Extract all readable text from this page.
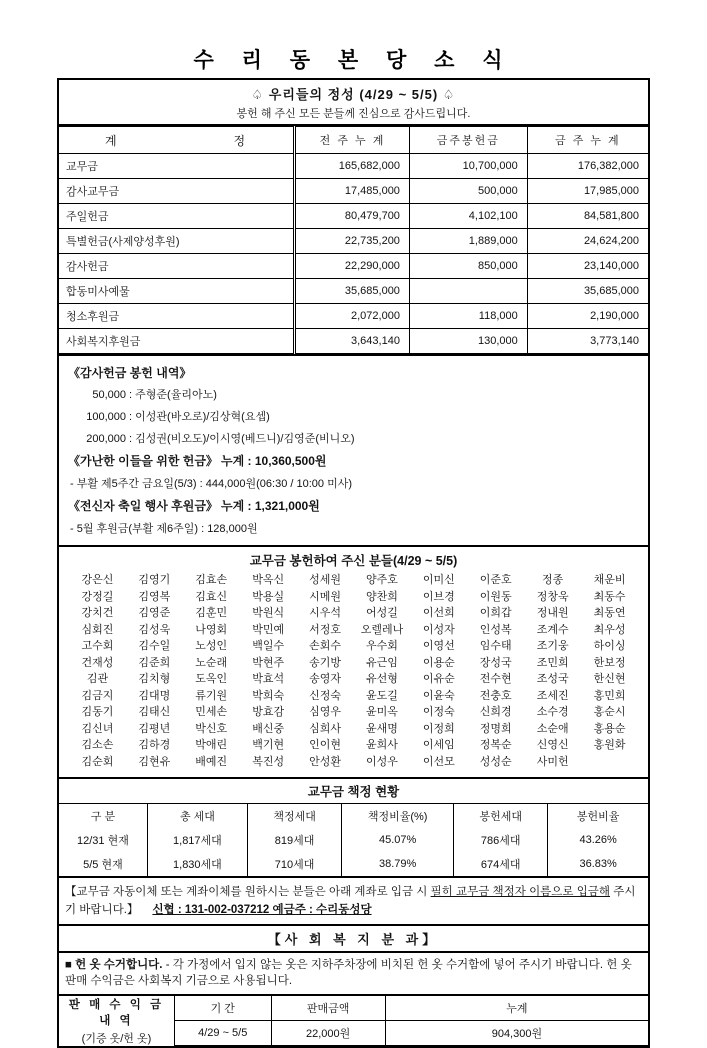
수 리 동 본 당 소 식
♤ 우리들의 정성 (4/29 ~ 5/5) ♤
봉헌 해 주신 모든 분들께 진심으로 감사드립니다.
계 정	전 주 누 계	금주봉헌금	금 주 누 계
교무금	165,682,000	10,700,000	176,382,000
감사교무금	17,485,000	500,000	17,985,000
주일헌금	80,479,700	4,102,100	84,581,800
특별헌금(사제양성후원)	22,735,200	1,889,000	24,624,200
감사헌금	22,290,000	850,000	23,140,000
합동미사예물	35,685,000		35,685,000
청소후원금	2,072,000	118,000	2,190,000
사회복지후원금	3,643,140	130,000	3,773,140
《감사헌금 봉헌 내역》
50,000 : 주형준(율리아노)
100,000 : 이성관(바오로)/김상혁(요셉)
200,000 : 김성권(비오도)/이시영(베드니)/김영준(비니오)
《가난한 이들을 위한 헌금》 누계 : 10,360,500원
- 부활 제5주간 금요일(5/3) : 444,000원(06:30 / 10:00 미사)
《전신자 축일 행사 후원금》 누계 : 1,321,000원
- 5월 후원금(부활 제6주일) : 128,000원
교무금 봉헌하여 주신 분들(4/29 ~ 5/5)
강은신	김영기	김효손	박옥신	성세원	양주호	이미신	이준호	정종	채운비
강정길	김영복	김효신	박용실	시메원	양찬희	이브경	이원동	정창욱	최동수
강치건	김영준	김훈민	박원식	시우석	어성길	이선희	이희갑	정내원	최동연
심회진	김성욱	나영회	박민예	서정호	오렐레나	이성자	인성복	조계수	최우성
고수회	김수일	노성인	백일수	손회수	우수회	이영선	임수태	조기웅	하이싱
건재성	김준희	노순래	박현주	송기방	유근임	이용순	장성국	조민희	한보정
김관	김치형	도옥인	박효석	송영자	유선형	이유순	전수현	조성국	한신현
김금지	김대명	류기원	박희숙	신정숙	윤도길	이윤숙	전충호	조세진	홍민희
김동기	김태신	민세손	방효감	심영우	윤미옥	이정숙	신희경	소수경	홍순시
김신녀	김평년	박신호	배신중	심희사	윤새명	이정희	정명희	소순애	홍용순
김소손	김하경	박애린	백기현	인이현	윤희사	이세임	정복순	신영신	홍원화
김순회	김현유	배예진	복진성	안성환	이성우	이선모	성성순	사미헌
교무금 책정 현황
구 분	총 세대	책정세대	책정비율(%)	봉헌세대	봉헌비율
12/31 현재	1,817세대	819세대	45.07%	786세대	43.26%
5/5 현재	1,830세대	710세대	38.79%	674세대	36.83%
【교무금 자동이체 또는 계좌이체를 원하시는 분들은 아래 계좌로 입금 시 필히 교무금 책정자 이름으로 입금해 주시기 바랍니다.】 신협 : 131-002-037212 예금주 : 수리동성당
【사 회 복 지 분 과】
■ 헌 옷 수거합니다. - 각 가정에서 입지 않는 옷은 지하주차장에 비치된 헌 옷 수거함에 넣어 주시기 바랍니다. 헌 옷 판매 수익금은 사회복지 기금으로 사용됩니다.
판 매 수 익 금 내 역
(기증 옷/헌 옷)	기 간	판매금액	누계
	4/29 ~ 5/5	22,000원	904,300원
